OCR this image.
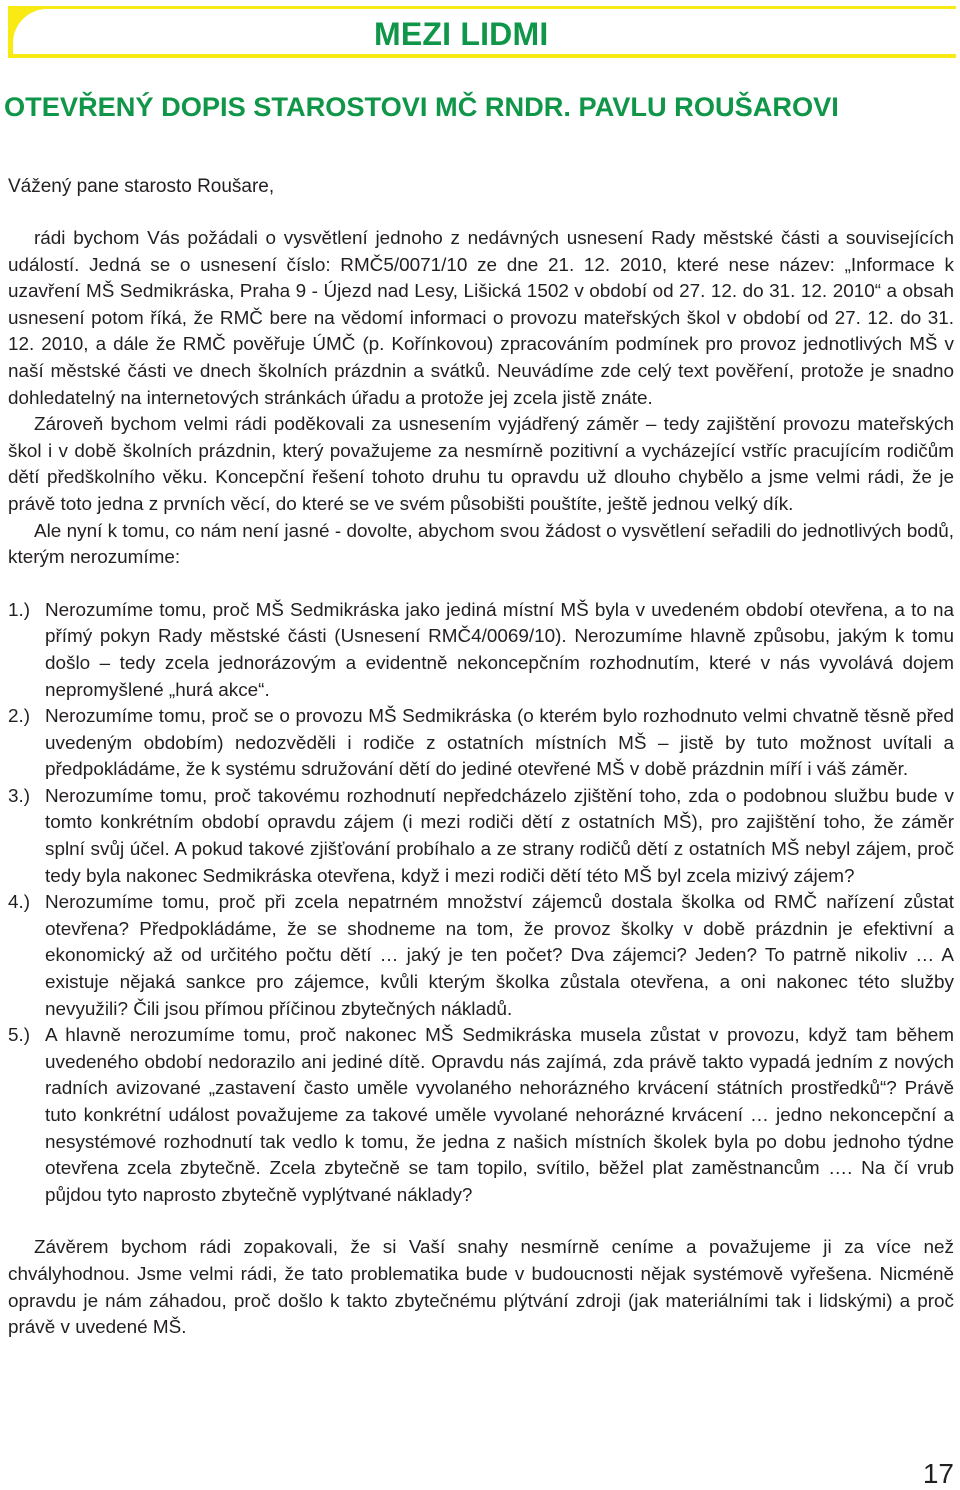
MEZI LIDMI
OTEVŘENÝ DOPIS STAROSTOVI MČ RNDR. PAVLU ROUŠAROVI
Vážený pane starosto Roušare,

rádi bychom Vás požádali o vysvětlení jednoho z nedávných usnesení Rady městské části a souvisejících událostí. Jedná se o usnesení číslo: RMČ5/0071/10 ze dne 21. 12. 2010, které nese název: „Informace k uzavření MŠ Sedmikráska, Praha 9 - Újezd nad Lesy, Lišická 1502 v období od 27. 12. do 31. 12. 2010“ a obsah usnesení potom říká, že RMČ bere na vědomí informaci o provozu mateřských škol v období od 27. 12. do 31. 12. 2010, a dále že RMČ pověřuje ÚMČ (p. Kořínkovou) zpracováním podmínek pro provoz jednotlivých MŠ v naší městské části ve dnech školních prázdnin a svátků. Neuvádíme zde celý text pověření, protože je snadno dohledatelný na internetových stránkách úřadu a protože jej zcela jistě znáte.

Zároveň bychom velmi rádi poděkovali za usnesením vyjádřený záměr – tedy zajištění provozu mateřských škol i v době školních prázdnin, který považujeme za nesmírně pozitivní a vycházející vstříc pracujícím rodičům dětí předškolního věku. Koncepční řešení tohoto druhu tu opravdu už dlouho chybělo a jsme velmi rádi, že je právě toto jedna z prvních věcí, do které se ve svém působišti pouštíte, ještě jednou velký dík.

Ale nyní k tomu, co nám není jasné - dovolte, abychom svou žádost o vysvětlení seřadili do jednotlivých bodů, kterým nerozumíme:

1.) Nerozumíme tomu, proč MŠ Sedmikráska jako jediná místní MŠ byla v uvedeném období otevřena, a to na přímý pokyn Rady městské části (Usnesení RMČ4/0069/10). Nerozumíme hlavně způsobu, jakým k tomu došlo – tedy zcela jednorázovým a evidentně nekoncepčním rozhodnutím, které v nás vyvolává dojem nepromyšlené „hurá akce“.
2.) Nerozumíme tomu, proč se o provozu MŠ Sedmikráska (o kterém bylo rozhodnuto velmi chvatně těsně před uvedeným obdobím) nedozvěděli i rodiče z ostatních místních MŠ – jistě by tuto možnost uvítali a předpokládáme, že k systému sdružování dětí do jediné otevřené MŠ v době prázdnin míří i váš záměr.
3.) Nerozumíme tomu, proč takovému rozhodnutí nepředcházelo zjištění toho, zda o podobnou službu bude v tomto konkrétním období opravdu zájem (i mezi rodiči dětí z ostatních MŠ), pro zajištění toho, že záměr splní svůj účel. A pokud takové zjišťování probíhalo a ze strany rodičů dětí z ostatních MŠ nebyl zájem, proč tedy byla nakonec Sedmikráska otevřena, když i mezi rodiči dětí této MŠ byl zcela mizivý zájem?
4.) Nerozumíme tomu, proč při zcela nepatrném množství zájemců dostala školka od RMČ nařízení zůstat otevřena? Předpokládáme, že se shodneme na tom, že provoz školky v době prázdnin je efektivní a ekonomický až od určitého počtu dětí … jaký je ten počet? Dva zájemci? Jeden? To patrně nikoliv … A existuje nějaká sankce pro zájemce, kvůli kterým školka zůstala otevřena, a oni nakonec této služby nevyužili? Čili jsou přímou příčinou zbytečných nákladů.
5.) A hlavně nerozumíme tomu, proč nakonec MŠ Sedmikráska musela zůstat v provozu, když tam během uvedeného období nedorazilo ani jediné dítě. Opravdu nás zajímá, zda právě takto vypadá jedním z nových radních avizované „zastavení často uměle vyvolaného nehorázného krvácení státních prostředků“? Právě tuto konkrétní událost považujeme za takové uměle vyvolané nehorázné krvácení … jedno nekoncepční a nesystémové rozhodnutí tak vedlo k tomu, že jedna z našich místních školek byla po dobu jednoho týdne otevřena zcela zbytečně. Zcela zbytečně se tam topilo, svítilo, běžel plat zaměstnancům …. Na čí vrub půjdou tyto naprosto zbytečně vyplýtvané náklady?

Závěrem bychom rádi zopakovali, že si Vaší snahy nesmírně ceníme a považujeme ji za více než chvályhodnou. Jsme velmi rádi, že tato problematika bude v budoucnosti nějak systémově vyřešena. Nicméně opravdu je nám záhadou, proč došlo k takto zbytečnému plýtvání zdroji (jak materiálními tak i lidskými) a proč právě v uvedené MŠ.

17
